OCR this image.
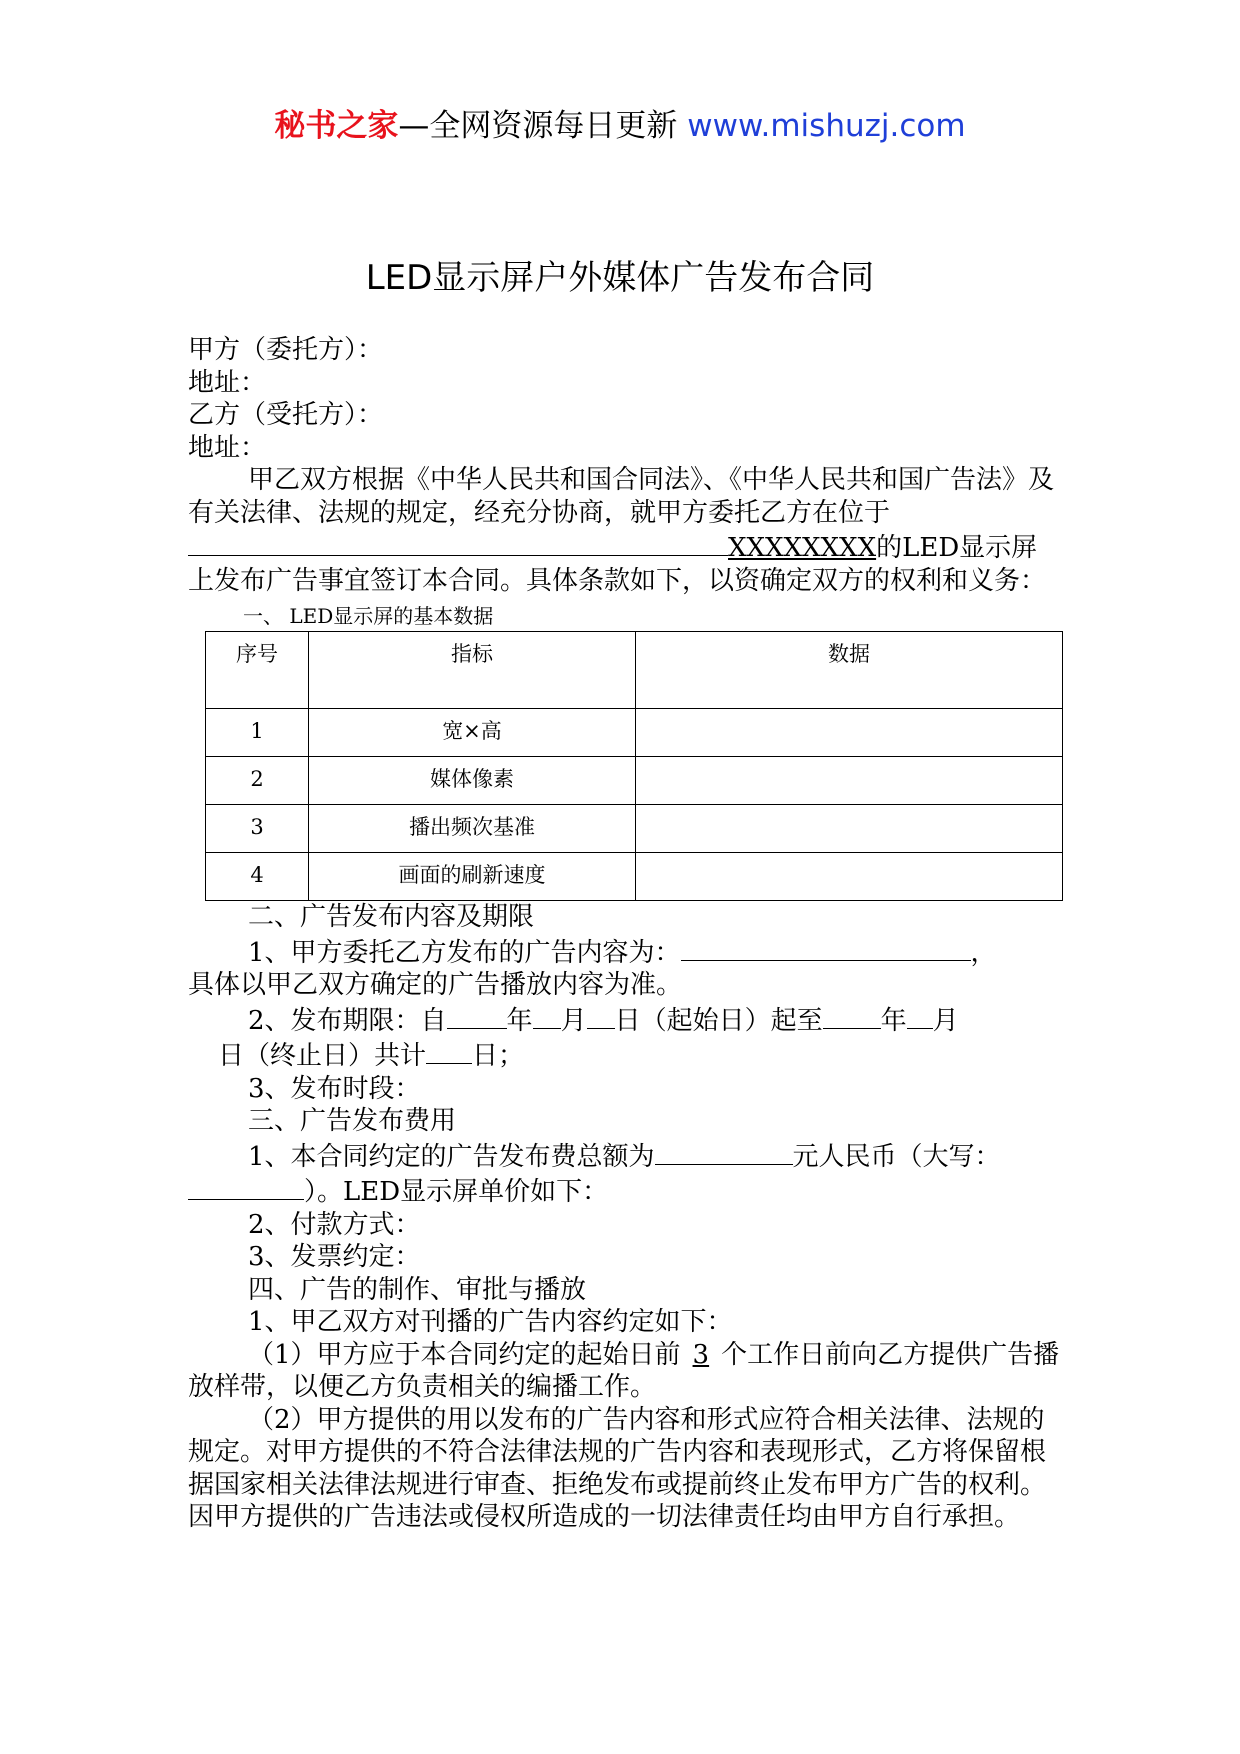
秘书之家—全网资源每日更新 www.mishuzj.com
LED显示屏户外媒体广告发布合同

甲方（委托方）：

地址：

乙方（受托方）：

地址：

甲乙双方根据《中华人民共和国合同法》、《中华人民共和国广告法》及有关法律、法规的规定，经充分协商，就甲方委托乙方在位于XXXXXXXX的LED显示屏上发布广告事宜签订本合同。具体条款如下，以资确定双方的权利和义务：

一、 LED显示屏的基本数据

序号	指标	数据
1	宽×高	
2	媒体像素	
3	播出频次基准	
4	画面的刷新速度	

二、广告发布内容及期限

1、甲方委托乙方发布的广告内容为：	，

具体以甲乙双方确定的广告播放内容为准。

2、发布期限：自 年 月 日（起始日）起至 年 月

日（终止日）共计 日；

3、发布时段：

三、广告发布费用

1、本合同约定的广告发布费总额为	元人民币（大写：

）。LED显示屏单价如下：

2、付款方式：

3、发票约定：

四、广告的制作、审批与播放

1、甲乙双方对刊播的广告内容约定如下：

（1）甲方应于本合同约定的起始日前 3 个工作日前向乙方提供广告播放样带，以便乙方负责相关的编播工作。

（2）甲方提供的用以发布的广告内容和形式应符合相关法律、法规的规定。对甲方提供的不符合法律法规的广告内容和表现形式，乙方将保留根据国家相关法律法规进行审查、拒绝发布或提前终止发布甲方广告的权利。因甲方提供的广告违法或侵权所造成的一切法律责任均由甲方自行承担。
